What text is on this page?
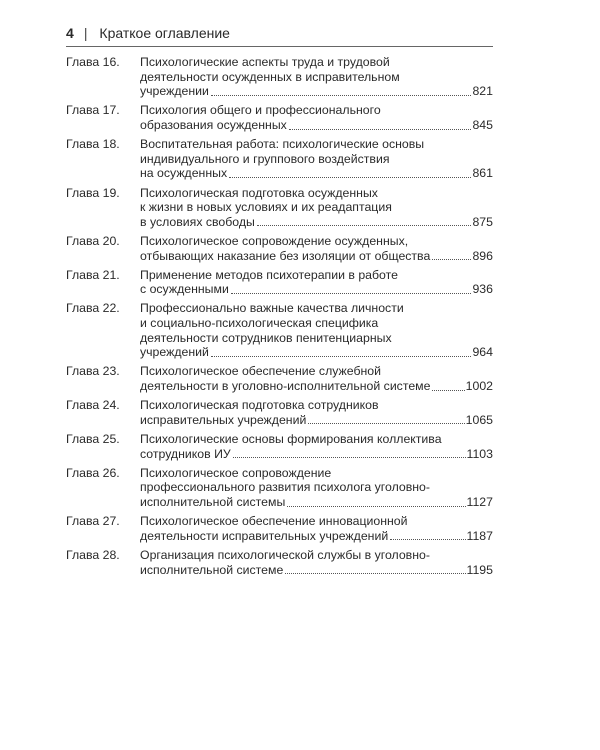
4 | Краткое оглавление
Глава 16. Психологические аспекты труда и трудовой
деятельности осужденных в исправительном
учреждении	821
Глава 17. Психология общего и профессионального
образования осужденных	845
Глава 18. Воспитательная работа: психологические основы
индивидуального и группового воздействия
на осужденных	861
Глава 19. Психологическая подготовка осужденных
к жизни в новых условиях и их реадаптация
в условиях свободы	875
Глава 20. Психологическое сопровождение осужденных,
отбывающих наказание без изоляции от общества	896
Глава 21. Применение методов психотерапии в работе
с осужденными	936
Глава 22. Профессионально важные качества личности
и социально-психологическая специфика
деятельности сотрудников пенитенциарных
учреждений	964
Глава 23. Психологическое обеспечение служебной
деятельности в уголовно-исполнительной системе	1002
Глава 24. Психологическая подготовка сотрудников
исправительных учреждений	1065
Глава 25. Психологические основы формирования коллектива
сотрудников ИУ	1103
Глава 26. Психологическое сопровождение
профессионального развития психолога уголовно-
исполнительной системы	1127
Глава 27. Психологическое обеспечение инновационной
деятельности исправительных учреждений	1187
Глава 28. Организация психологической службы в уголовно-
исполнительной системе	1195
